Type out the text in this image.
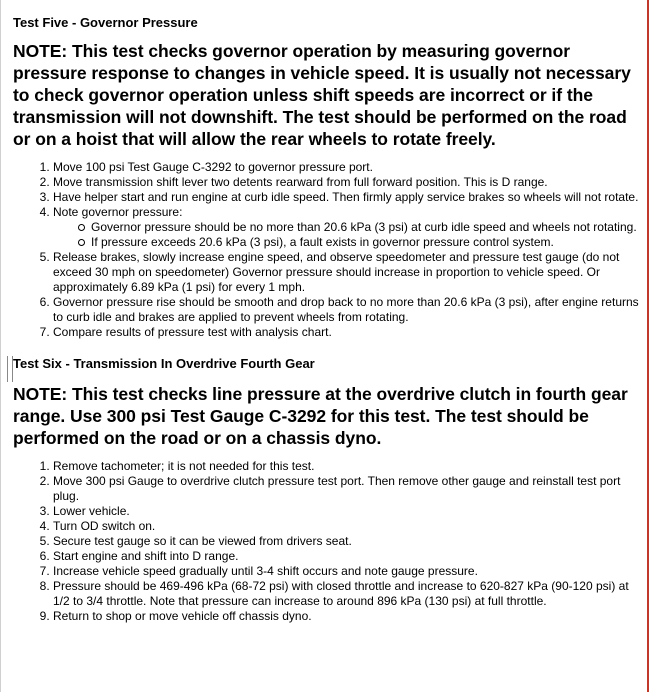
Test Five - Governor Pressure

NOTE: This test checks governor operation by measuring governor pressure response to changes in vehicle speed. It is usually not necessary to check governor operation unless shift speeds are incorrect or if the transmission will not downshift. The test should be performed on the road or on a hoist that will allow the rear wheels to rotate freely.

1. Move 100 psi Test Gauge C-3292 to governor pressure port.
2. Move transmission shift lever two detents rearward from full forward position. This is D range.
3. Have helper start and run engine at curb idle speed. Then firmly apply service brakes so wheels will not rotate.
4. Note governor pressure:
Governor pressure should be no more than 20.6 kPa (3 psi) at curb idle speed and wheels not rotating.
If pressure exceeds 20.6 kPa (3 psi), a fault exists in governor pressure control system.
5. Release brakes, slowly increase engine speed, and observe speedometer and pressure test gauge (do not exceed 30 mph on speedometer) Governor pressure should increase in proportion to vehicle speed. Or approximately 6.89 kPa (1 psi) for every 1 mph.
6. Governor pressure rise should be smooth and drop back to no more than 20.6 kPa (3 psi), after engine returns to curb idle and brakes are applied to prevent wheels from rotating.
7. Compare results of pressure test with analysis chart.

Test Six - Transmission In Overdrive Fourth Gear

NOTE: This test checks line pressure at the overdrive clutch in fourth gear range. Use 300 psi Test Gauge C-3292 for this test. The test should be performed on the road or on a chassis dyno.

1. Remove tachometer; it is not needed for this test.
2. Move 300 psi Gauge to overdrive clutch pressure test port. Then remove other gauge and reinstall test port plug.
3. Lower vehicle.
4. Turn OD switch on.
5. Secure test gauge so it can be viewed from drivers seat.
6. Start engine and shift into D range.
7. Increase vehicle speed gradually until 3-4 shift occurs and note gauge pressure.
8. Pressure should be 469-496 kPa (68-72 psi) with closed throttle and increase to 620-827 kPa (90-120 psi) at 1/2 to 3/4 throttle. Note that pressure can increase to around 896 kPa (130 psi) at full throttle.
9. Return to shop or move vehicle off chassis dyno.
